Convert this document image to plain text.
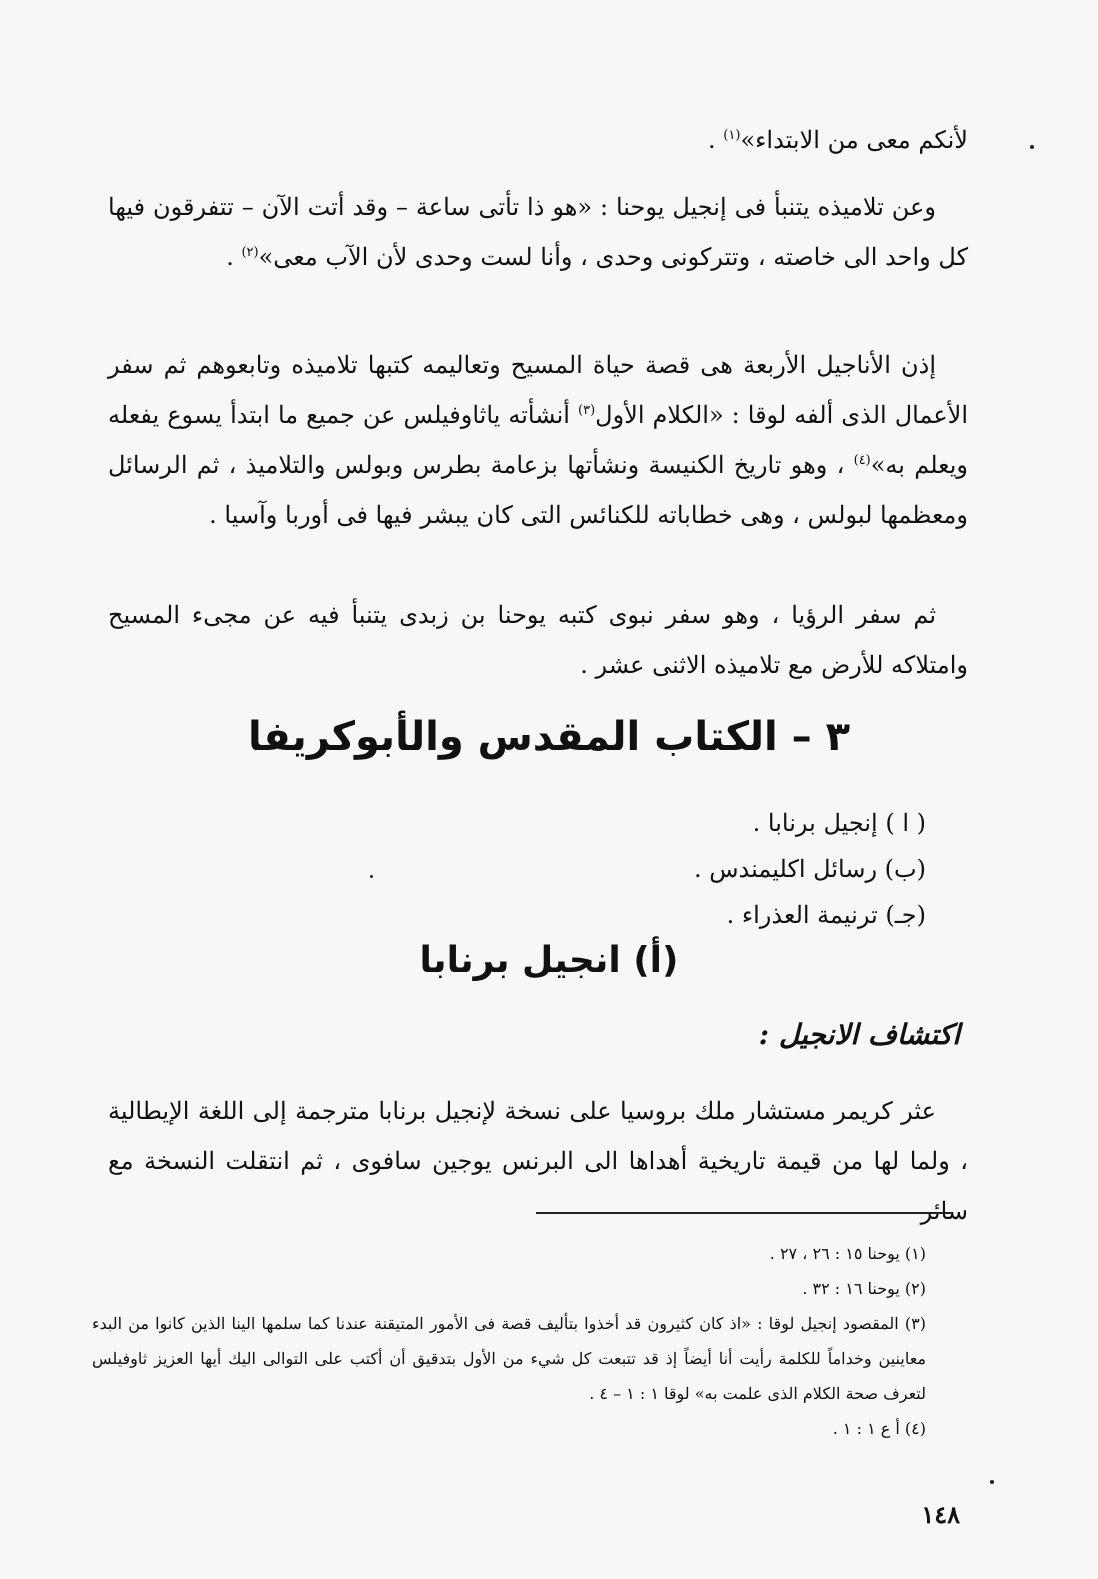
لأنكم معى من الابتداء»$^{(١)}$ .
وعن تلاميذه يتنبأ فى إنجيل يوحنا : «هو ذا تأتى ساعة – وقد أتت الآن – تتفرقون فيها كل واحد الى خاصته ، وتتركونى وحدى ، وأنا لست وحدى لأن الآب معى»$^{(٢)}$ .
إذن الأناجيل الأربعة هى قصة حياة المسيح وتعاليمه كتبها تلاميذه وتابعوهم ثم سفر الأعمال الذى ألفه لوقا : «الكلام الأول$^{(٣)}$ أنشأته ياثاوفيلس عن جميع ما ابتدأ يسوع يفعله ويعلم به»$^{(٤)}$ ، وهو تاريخ الكنيسة ونشأتها بزعامة بطرس وبولس والتلاميذ ، ثم الرسائل ومعظمها لبولس ، وهى خطاباته للكنائس التى كان يبشر فيها فى أوربا وآسيا .
ثم سفر الرؤيا ، وهو سفر نبوى كتبه يوحنا بن زبدى يتنبأ فيه عن مجىء المسيح وامتلاكه للأرض مع تلاميذه الاثنى عشر .
٣ – الكتاب المقدس والأبوكريفا
( ا ) إنجيل برنابا .
(ب) رسائل اكليمندس .
(جـ) ترنيمة العذراء .
(أ) انجيل برنابا
اكتشاف الانجيل :
عثر كريمر مستشار ملك بروسيا على نسخة لإنجيل برنابا مترجمة إلى اللغة الإيطالية ، ولما لها من قيمة تاريخية أهداها الى البرنس يوجين سافوى ، ثم انتقلت النسخة مع سائر
(١) يوحنا ١٥ : ٢٦ ، ٢٧ .
(٢) يوحنا ١٦ : ٣٢ .
(٣) المقصود إنجيل لوقا : «اذ كان كثيرون قد أخذوا بتأليف قصة فى الأمور المتيقنة عندنا كما سلمها الينا الذين كانوا من البدء معاينين وخداماً للكلمة رأيت أنا أيضاً إذ قد تتبعت كل شيء من الأول بتدقيق أن أكتب على التوالى اليك أيها العزيز ثاوفيلس لتعرف صحة الكلام الذى علمت به» لوقا ١ : ١ – ٤ .
(٤) أ ع ١ : ١ .
١٤٨
